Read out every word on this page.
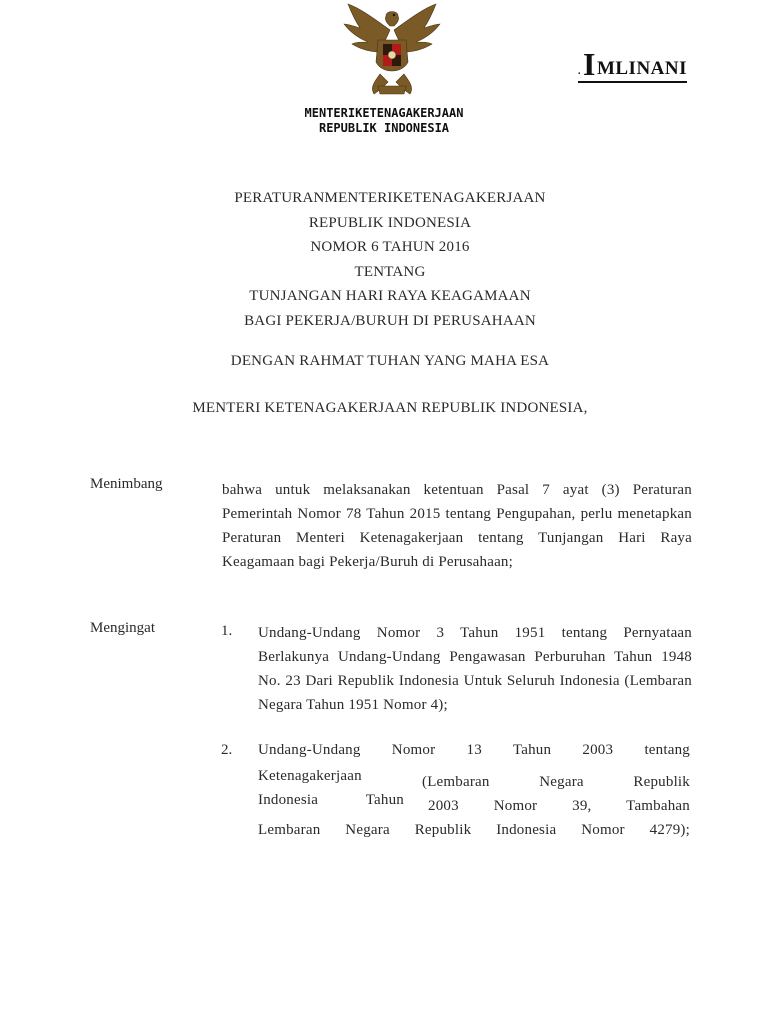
.IMLINANI
MENTERIKETENAGAKERJAAN
REPUBLIK INDONESIA
PERATURANMENTERIKETENAGAKERJAAN
REPUBLIK INDONESIA
NOMOR 6 TAHUN 2016
TENTANG
TUNJANGAN HARI RAYA KEAGAMAAN
BAGI PEKERJA/BURUH DI PERUSAHAAN
DENGAN RAHMAT TUHAN YANG MAHA ESA
MENTERI KETENAGAKERJAAN REPUBLIK INDONESIA,
Menimbang	bahwa untuk melaksanakan ketentuan Pasal 7 ayat (3) Peraturan Pemerintah Nomor 78 Tahun 2015 tentang Pengupahan, perlu menetapkan Peraturan Menteri Ketenagakerjaan tentang Tunjangan Hari Raya Keagamaan bagi Pekerja/Buruh di Perusahaan;
Mengingat	1. Undang-Undang Nomor 3 Tahun 1951 tentang Pernyataan Berlakunya Undang-Undang Pengawasan Perburuhan Tahun 1948 No. 23 Dari Republik Indonesia Untuk Seluruh Indonesia (Lembaran Negara Tahun 1951 Nomor 4);
2. Undang-Undang Nomor 13 Tahun 2003 tentang
Ketenagakerjaan	(Lembaran Negara Republik
Indonesia Tahun 2003 Nomor 39, Tambahan
Lembaran Negara Republik Indonesia Nomor 4279);
